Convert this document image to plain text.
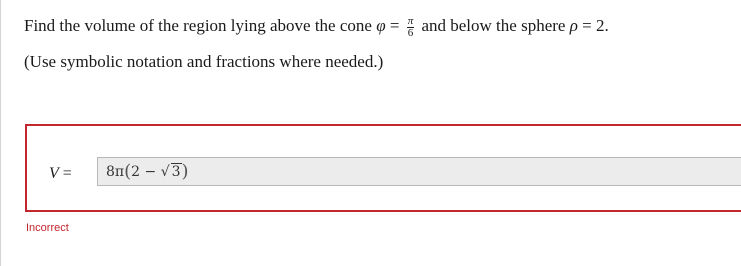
Find the volume of the region lying above the cone $\varphi = \frac{\pi}{6}$ and below the sphere ρ = 2.
(Use symbolic notation and fractions where needed.)
V = 8π(2 − √ 3)
Incorrect
